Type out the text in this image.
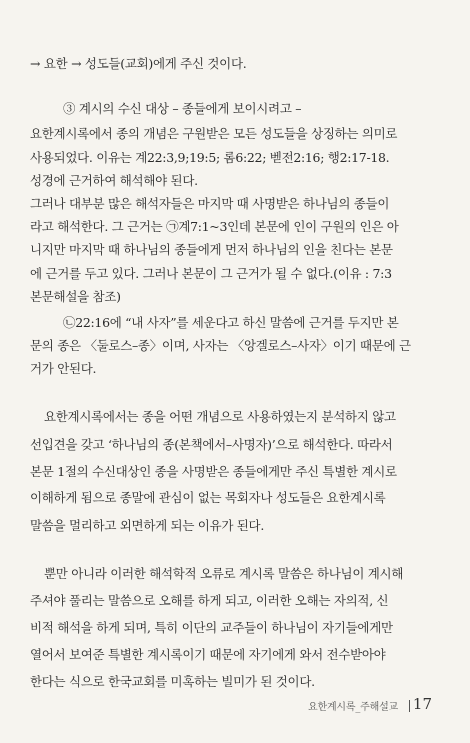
→ 요한 → 성도들(교회)에게 주신 것이다.
③ 계시의 수신 대상 – 종들에게 보이시려고 –
요한계시록에서 종의 개념은 구원받은 모든 성도들을 상징하는 의미로
사용되었다. 이유는 계22:3,9;19:5; 롬6:22; 벧전2:16; 행2:17-18.
성경에 근거하여 해석해야 된다.
그러나 대부분 많은 해석자들은 마지막 때 사명받은 하나님의 종들이
라고 해석한다. 그 근거는 ㉠계7:1~3인데 본문에 인이 구원의 인은 아
니지만 마지막 때 하나님의 종들에게 먼저 하나님의 인을 친다는 본문
에 근거를 두고 있다. 그러나 본문이 그 근거가 될 수 없다.(이유 : 7:3
본문해설을 참조)
㉡22:16에 “내 사자”를 세운다고 하신 말씀에 근거를 두지만 본
문의 종은 〈둘로스–종〉이며, 사자는 〈앙겔로스–사자〉이기 때문에 근
거가 안된다.
요한계시록에서는 종을 어떤 개념으로 사용하였는지 분석하지 않고
선입견을 갖고 ‘하나님의 종(본책에서–사명자)’으로 해석한다. 따라서
본문 1절의 수신대상인 종을 사명받은 종들에게만 주신 특별한 계시로
이해하게 됨으로 종말에 관심이 없는 목회자나 성도들은 요한계시록
말씀을 멀리하고 외면하게 되는 이유가 된다.
뿐만 아니라 이러한 해석학적 오류로 계시록 말씀은 하나님이 계시해
주셔야 풀리는 말씀으로 오해를 하게 되고, 이러한 오해는 자의적, 신
비적 해석을 하게 되며, 특히 이단의 교주들이 하나님이 자기들에게만
열어서 보여준 특별한 계시록이기 때문에 자기에게 와서 전수받아야
한다는 식으로 한국교회를 미혹하는 빌미가 된 것이다.
요한계시록_주해설교 17
